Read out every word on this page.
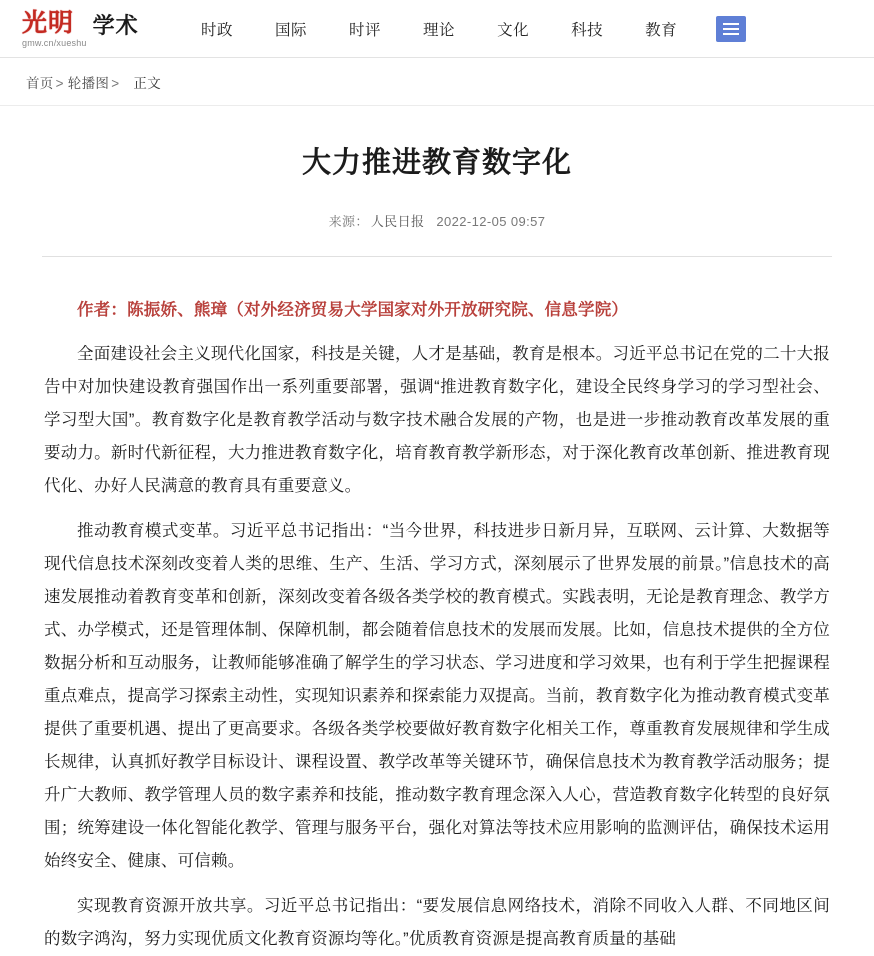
光明
gmw.cn/xueshu
学术	时政	国际	时评	理论	文化	科技	教育
首页 > 轮播图 > 正文
大力推进教育数字化
来源： 人民日报 2022-12-05 09:57
作者：陈振娇、熊璋（对外经济贸易大学国家对外开放研究院、信息学院）

全面建设社会主义现代化国家，科技是关键，人才是基础，教育是根本。习近平总书记在党的二十大报告中对加快建设教育强国作出一系列重要部署，强调“推进教育数字化，建设全民终身学习的学习型社会、学习型大国”。教育数字化是教育教学活动与数字技术融合发展的产物，也是进一步推动教育改革发展的重要动力。新时代新征程，大力推进教育数字化，培育教育教学新形态，对于深化教育改革创新、推进教育现代化、办好人民满意的教育具有重要意义。

推动教育模式变革。习近平总书记指出：“当今世界，科技进步日新月异，互联网、云计算、大数据等现代信息技术深刻改变着人类的思维、生产、生活、学习方式，深刻展示了世界发展的前景。”信息技术的高速发展推动着教育变革和创新，深刻改变着各级各类学校的教育模式。实践表明，无论是教育理念、教学方式、办学模式，还是管理体制、保障机制，都会随着信息技术的发展而发展。比如，信息技术提供的全方位数据分析和互动服务，让教师能够准确了解学生的学习状态、学习进度和学习效果，也有利于学生把握课程重点难点，提高学习探索主动性，实现知识素养和探索能力双提高。当前，教育数字化为推动教育模式变革提供了重要机遇、提出了更高要求。各级各类学校要做好教育数字化相关工作，尊重教育发展规律和学生成长规律，认真抓好教学目标设计、课程设置、教学改革等关键环节，确保信息技术为教育教学活动服务；提升广大教师、教学管理人员的数字素养和技能，推动数字教育理念深入人心，营造教育数字化转型的良好氛围；统筹建设一体化智能化教学、管理与服务平台，强化对算法等技术应用影响的监测评估，确保技术运用始终安全、健康、可信赖。

实现教育资源开放共享。习近平总书记指出：“要发展信息网络技术，消除不同收入人群、不同地区间的数字鸿沟，努力实现优质文化教育资源均等化。”优质教育资源是提高教育质量的基础
